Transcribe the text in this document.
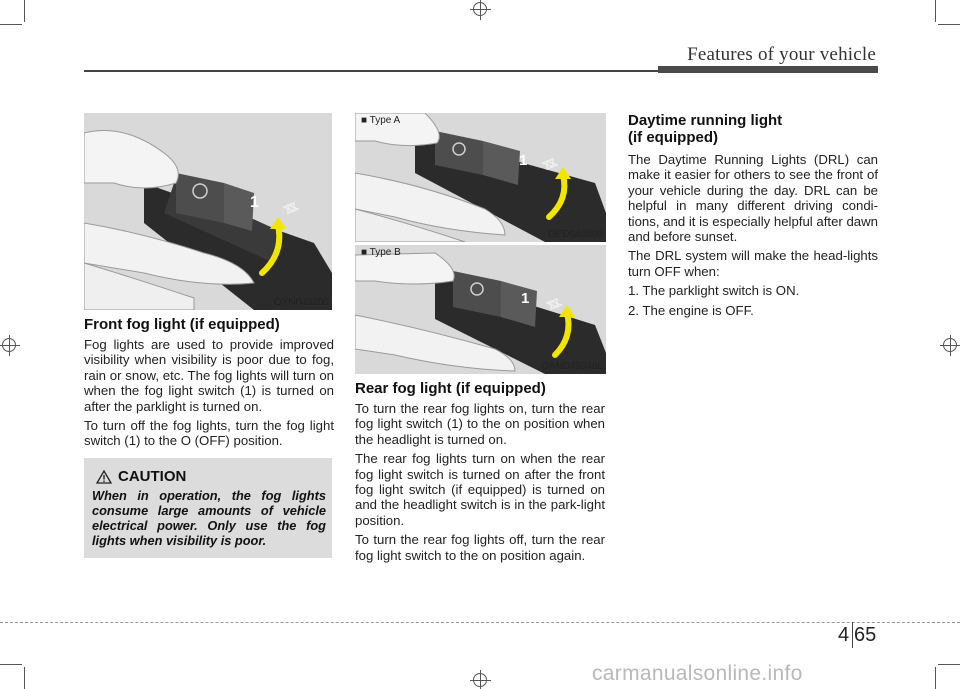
Features of your vehicle
1
OYN049200
1
■ Type A
OED040806
1
■ Type B
OAM049046L
Front fog light (if equipped)
Fog lights are used to provide improved visibility when visibility is poor due to fog, rain or snow, etc. The fog lights will turn on when the fog light switch (1) is turned on after the parklight is turned on.
To turn off the fog lights, turn the fog light switch (1) to the O (OFF) position.
CAUTION
When in operation, the fog lights consume large amounts of vehicle electrical power. Only use the fog lights when visibility is poor.
Rear fog light (if equipped)
To turn the rear fog lights on, turn the rear fog light switch (1) to the on position when the headlight is turned on.
The rear fog lights turn on when the rear fog light switch is turned on after the front fog light switch (if equipped) is turned on and the headlight switch is in the park-light position.
To turn the rear fog lights off, turn the rear fog light switch to the on position again.
Daytime running light
(if equipped)
The Daytime Running Lights (DRL) can make it easier for others to see the front of your vehicle during the day. DRL can be helpful in many different driving condi-tions, and it is especially helpful after dawn and before sunset.
The DRL system will make the head-lights turn OFF when:
1. The parklight switch is ON.
2. The engine is OFF.
4 65
carmanualsonline.info
